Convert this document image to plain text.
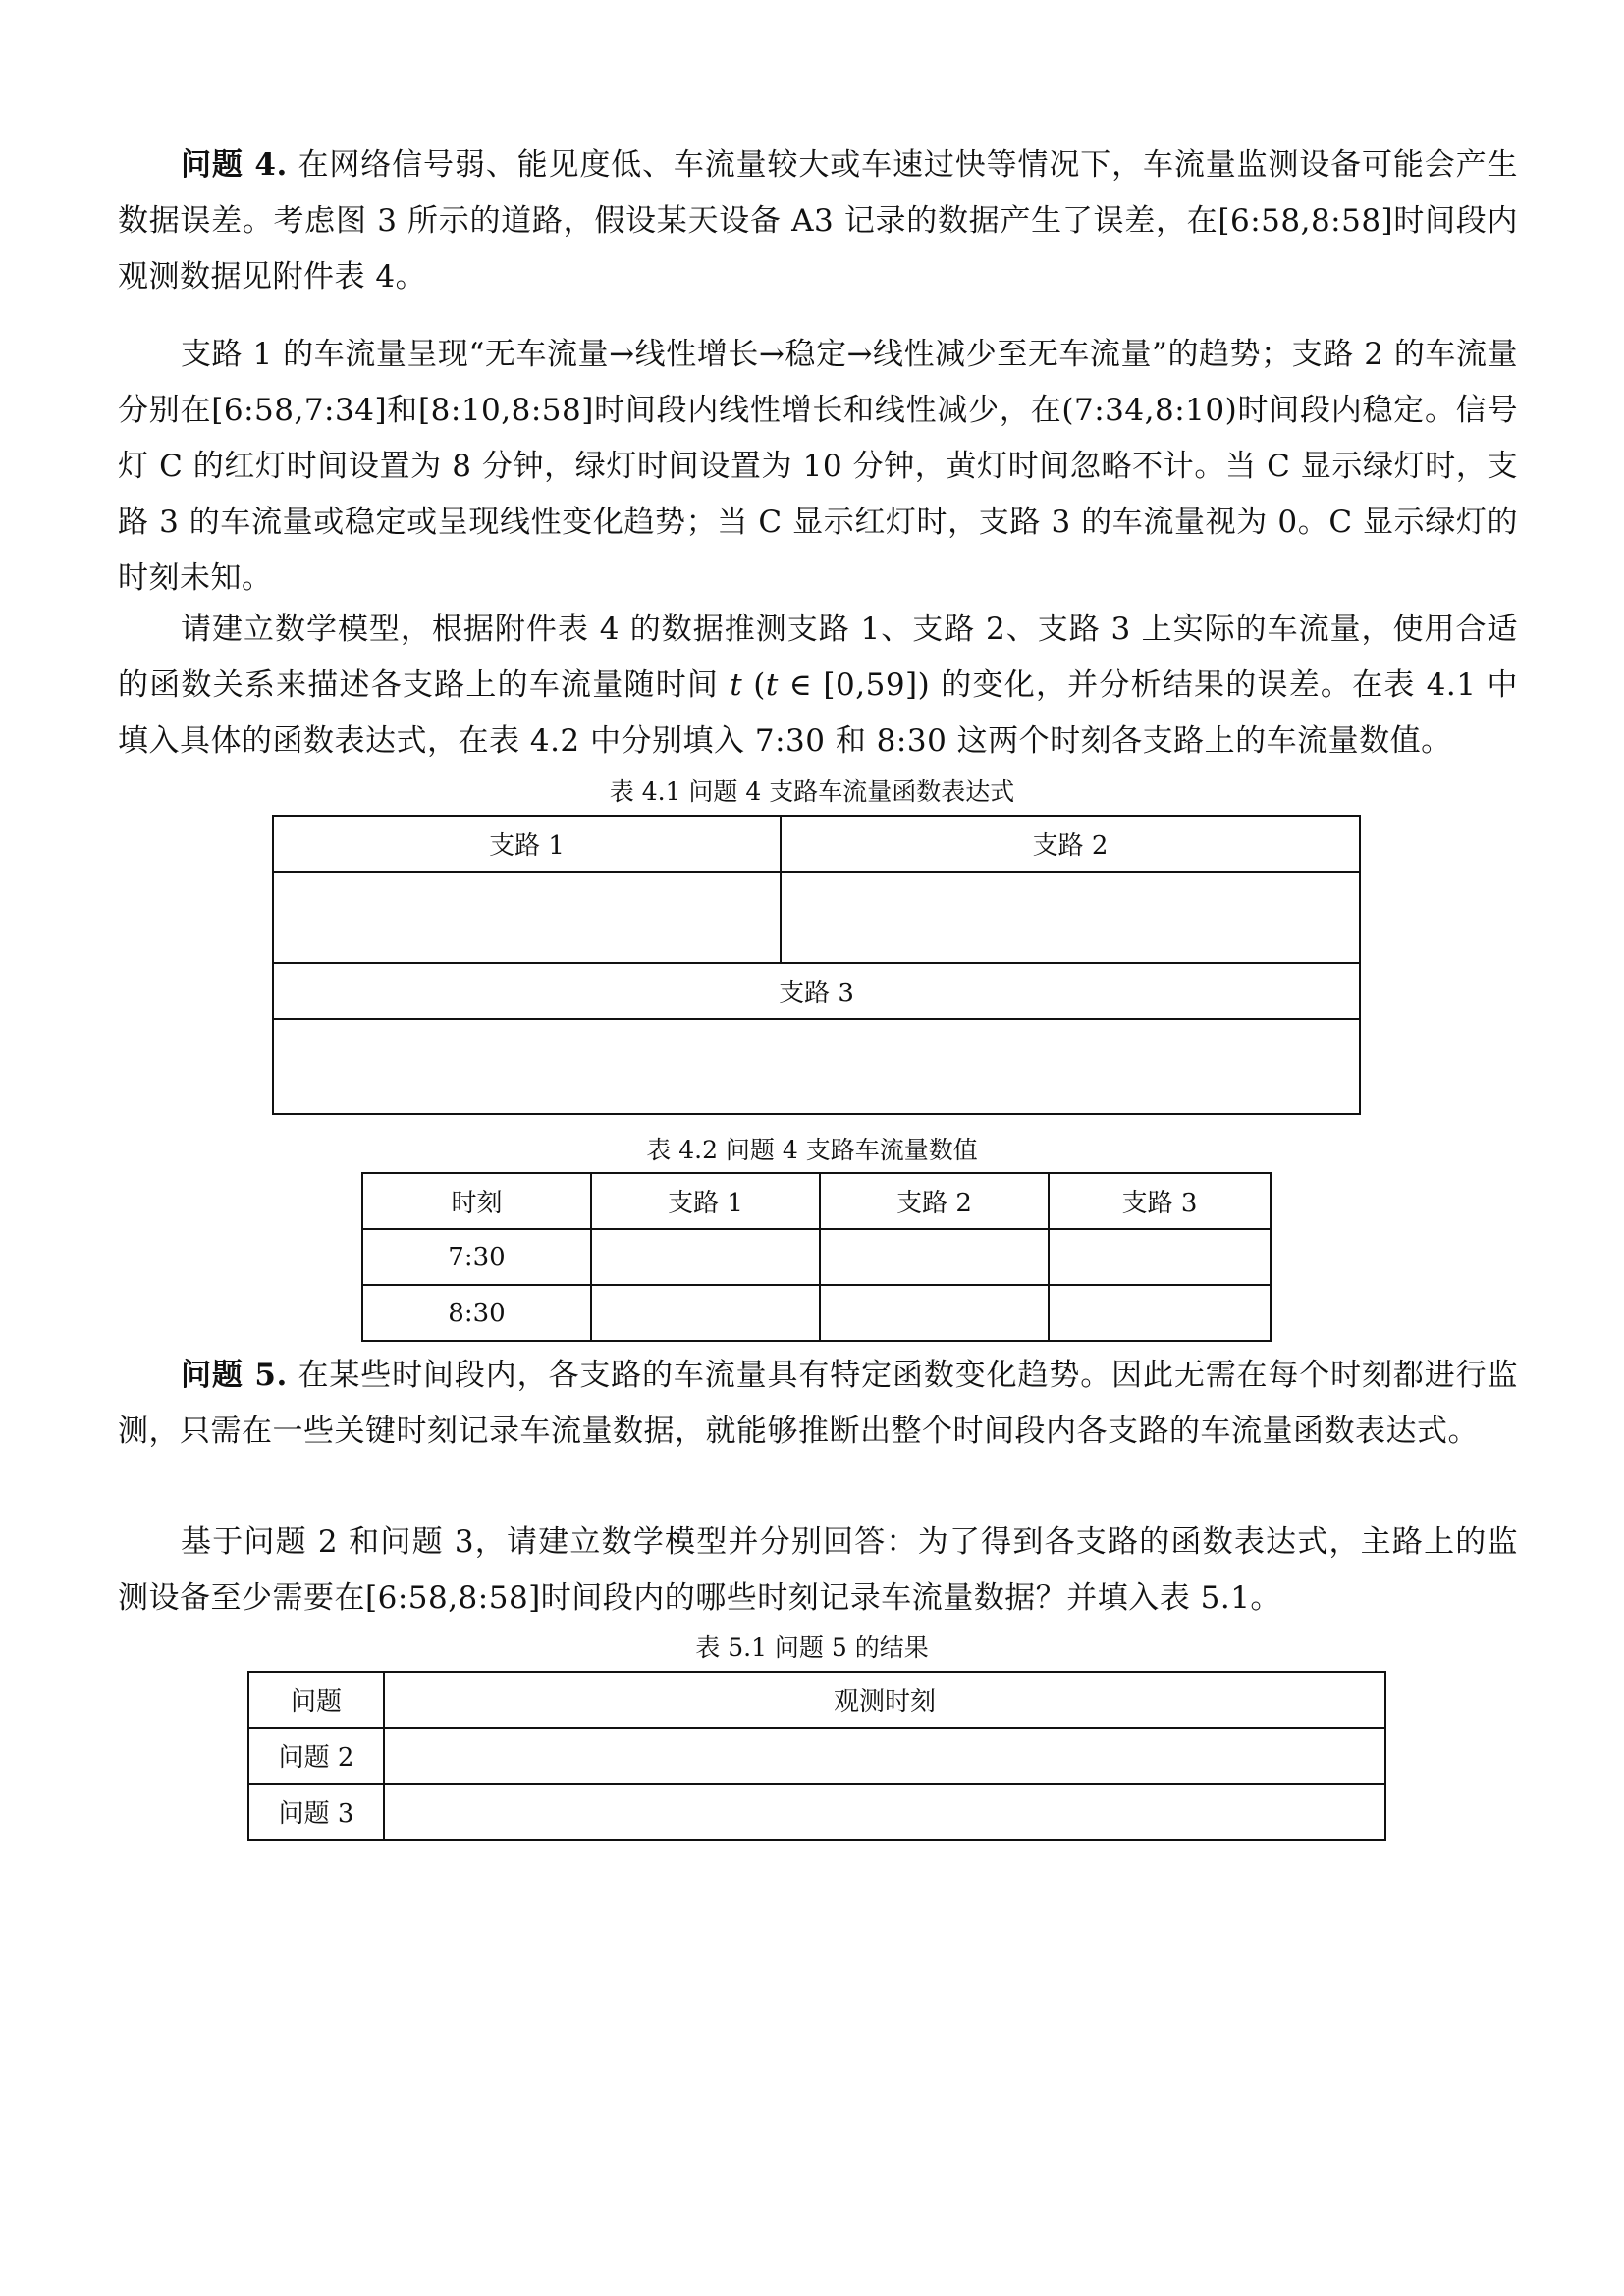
问题 4. 在网络信号弱、能见度低、车流量较大或车速过快等情况下，车流量监测设备可能会产生数据误差。考虑图 3 所示的道路，假设某天设备 A3 记录的数据产生了误差，在[6:58,8:58]时间段内观测数据见附件表 4。

支路 1 的车流量呈现“无车流量→线性增长→稳定→线性减少至无车流量”的趋势；支路 2 的车流量分别在[6:58,7:34]和[8:10,8:58]时间段内线性增长和线性减少，在(7:34,8:10)时间段内稳定。信号灯 C 的红灯时间设置为 8 分钟，绿灯时间设置为 10 分钟，黄灯时间忽略不计。当 C 显示绿灯时，支路 3 的车流量或稳定或呈现线性变化趋势；当 C 显示红灯时，支路 3 的车流量视为 0。C 显示绿灯的时刻未知。

请建立数学模型，根据附件表 4 的数据推测支路 1、支路 2、支路 3 上实际的车流量，使用合适的函数关系来描述各支路上的车流量随时间 t (t ∈ [0,59]) 的变化，并分析结果的误差。在表 4.1 中填入具体的函数表达式，在表 4.2 中分别填入 7:30 和 8:30 这两个时刻各支路上的车流量数值。

表 4.1 问题 4 支路车流量函数表达式
支路 1	支路 2

支路 3	

表 4.2 问题 4 支路车流量数值
时刻	支路 1	支路 2	支路 3
7:30			
8:30			

问题 5. 在某些时间段内，各支路的车流量具有特定函数变化趋势。因此无需在每个时刻都进行监测，只需在一些关键时刻记录车流量数据，就能够推断出整个时间段内各支路的车流量函数表达式。

基于问题 2 和问题 3，请建立数学模型并分别回答：为了得到各支路的函数表达式，主路上的监测设备至少需要在[6:58,8:58]时间段内的哪些时刻记录车流量数据？并填入表 5.1。

表 5.1 问题 5 的结果
问题	观测时刻
问题 2	
问题 3	
